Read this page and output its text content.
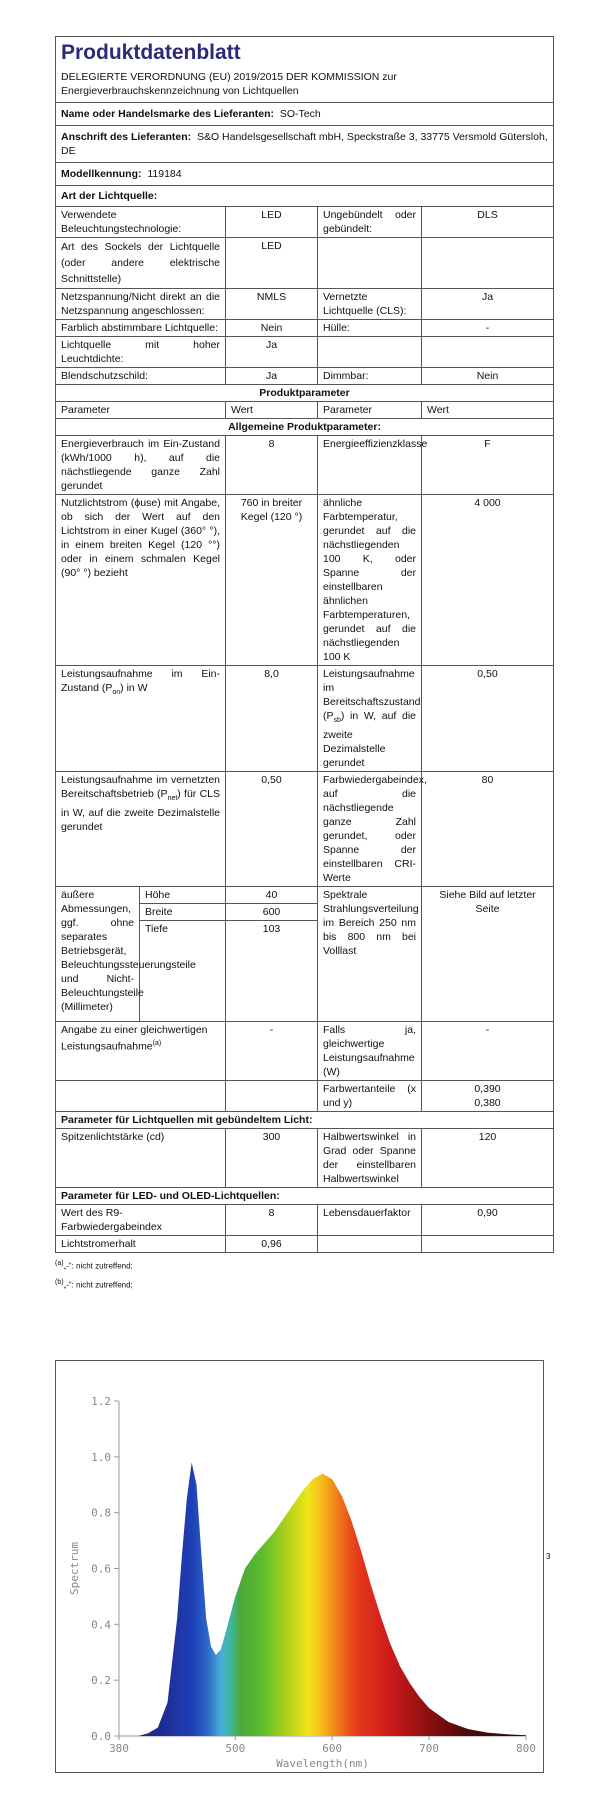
Produktdatenblatt
DELEGIERTE VERORDNUNG (EU) 2019/2015 DER KOMMISSION zur
Energieverbrauchskennzeichnung von Lichtquellen				

Name oder Handelsmarke des Lieferanten: SO-Tech				
Anschrift des Lieferanten: S&O Handelsgesellschaft mbH, Speckstraße 3, 33775 Versmold Gütersloh, DE				
Modellkennung: 119184				
Art der Lichtquelle:				
Verwendete Beleuchtungstechnologie:		LED	Ungebündelt oder gebündelt:	DLS
Art des Sockels der Lichtquelle (oder andere elektrische Schnittstelle)		LED		
Netzspannung/Nicht direkt an die Netzspannung angeschlossen:		NMLS	Vernetzte Lichtquelle (CLS):	Ja
Farblich abstimmbare Lichtquelle:		Nein	Hülle:	-
Lichtquelle mit hoher Leuchtdichte:		Ja		
Blendschutzschild:		Ja	Dimmbar:	Nein
Produktparameter				
Parameter		Wert	Parameter	Wert
Allgemeine Produktparameter:				
Energieverbrauch im Ein-Zustand (kWh/1000 h), auf die nächstliegende ganze Zahl gerundet		8	Energieeffizienzklasse	F
Nutzlichtstrom (ϕuse) mit Angabe, ob sich der Wert auf den Lichtstrom in einer Kugel (360° °), in einem breiten Kegel (120 °°) oder in einem schmalen Kegel (90° °) bezieht		760 in breiter Kegel (120 °)	ähnliche Farbtemperatur, gerundet auf die nächstliegenden 100 K, oder Spanne der einstellbaren ähnlichen Farbtemperaturen, gerundet auf die nächstliegenden 100 K	4 000
Leistungsaufnahme im Ein-Zustand $(P_{on})$ in W		8,0	Leistungsaufnahme im Bereitschaftszustand $(P_{sb})$ in W, auf die zweite Dezimalstelle gerundet	0,50
Leistungsaufnahme im vernetzten Bereitschaftsbetrieb $(P_{net})$ für CLS in W, auf die zweite Dezimalstelle gerundet		0,50	Farbwiedergabeindex, auf die nächstliegende ganze Zahl gerundet, oder Spanne der einstellbaren CRI-Werte	80
äußere Abmessungen, ggf. ohne separates Betriebsgerät, Beleuchtungssteuerungsteile und Nicht-Beleuchtungsteile (Millimeter)	Höhe	40	Spektrale Strahlungsverteilung im Bereich 250 nm bis 800 nm bei Volllast	Siehe Bild auf letzter Seite
	Breite	600		
	Tiefe	103		
Angabe zu einer gleichwertigen Leistungsaufnahme$^{(a)}$		-	Falls ja, gleichwertige Leistungsaufnahme (W)	-
			Farbwertanteile (x und y)	0,390
0,380
Parameter für Lichtquellen mit gebündeltem Licht:				
Spitzenlichtstärke (cd)		300	Halbwertswinkel in Grad oder Spanne der einstellbaren Halbwertswinkel	120
Parameter für LED- und OLED-Lichtquellen:				
Wert des R9-Farbwiedergabeindex		8	Lebensdauerfaktor	0,90
Lichtstromerhalt		0,96		
$^{(a)}$„-“: nicht zutreffend;
$^{(b)}$„-“: nicht zutreffend;
0.0
0.2
0.4
0.6
0.8
1.0
1.2
380	500	600	700	800
Spectrum
Wavelength(nm)
3
